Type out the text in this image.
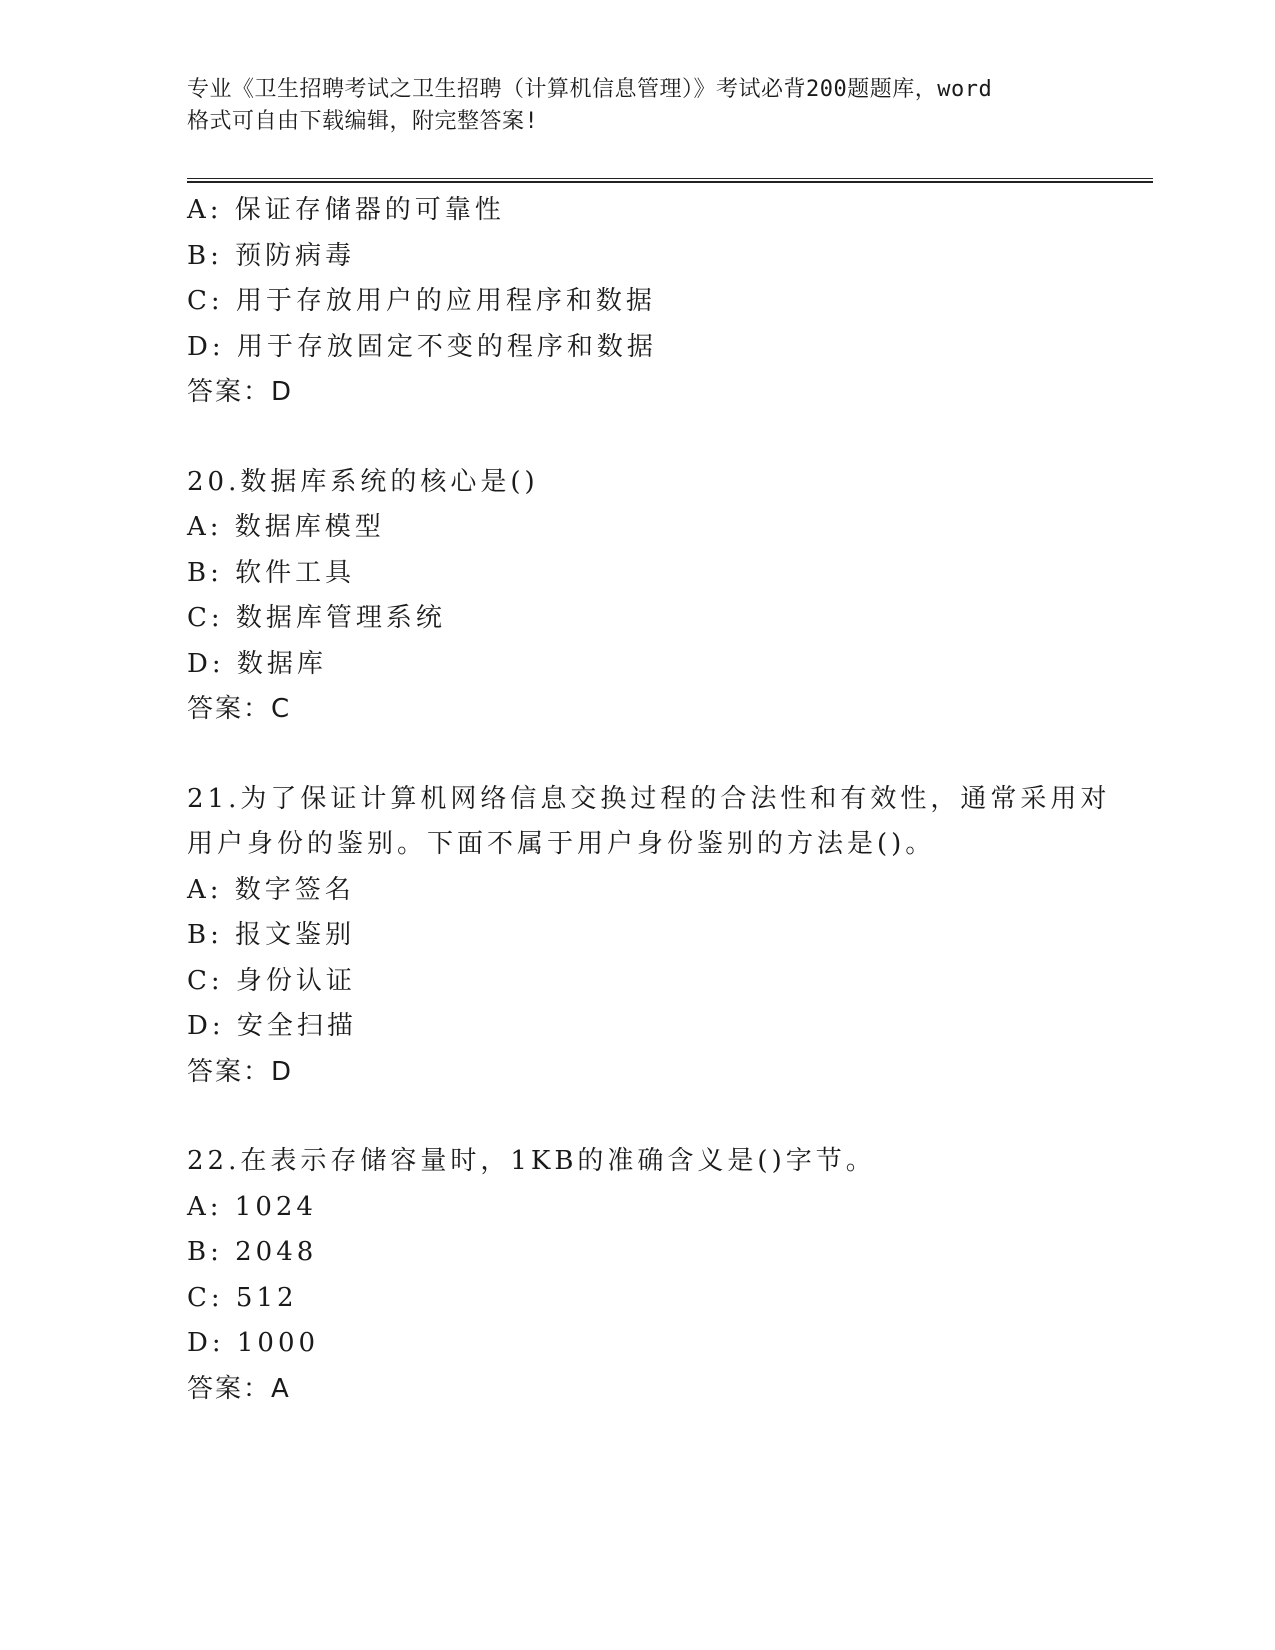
专业《卫生招聘考试之卫生招聘（计算机信息管理）》考试必背200题题库，word
格式可自由下载编辑，附完整答案!
A: 保证存储器的可靠性
B: 预防病毒
C: 用于存放用户的应用程序和数据
D: 用于存放固定不变的程序和数据
答案：D
20.数据库系统的核心是()
A: 数据库模型
B: 软件工具
C: 数据库管理系统
D: 数据库
答案：C
21.为了保证计算机网络信息交换过程的合法性和有效性，通常采用对
用户身份的鉴别。下面不属于用户身份鉴别的方法是()。
A: 数字签名
B: 报文鉴别
C: 身份认证
D: 安全扫描
答案：D
22.在表示存储容量时，1KB的准确含义是()字节。
A: 1024
B: 2048
C: 512
D: 1000
答案：A
